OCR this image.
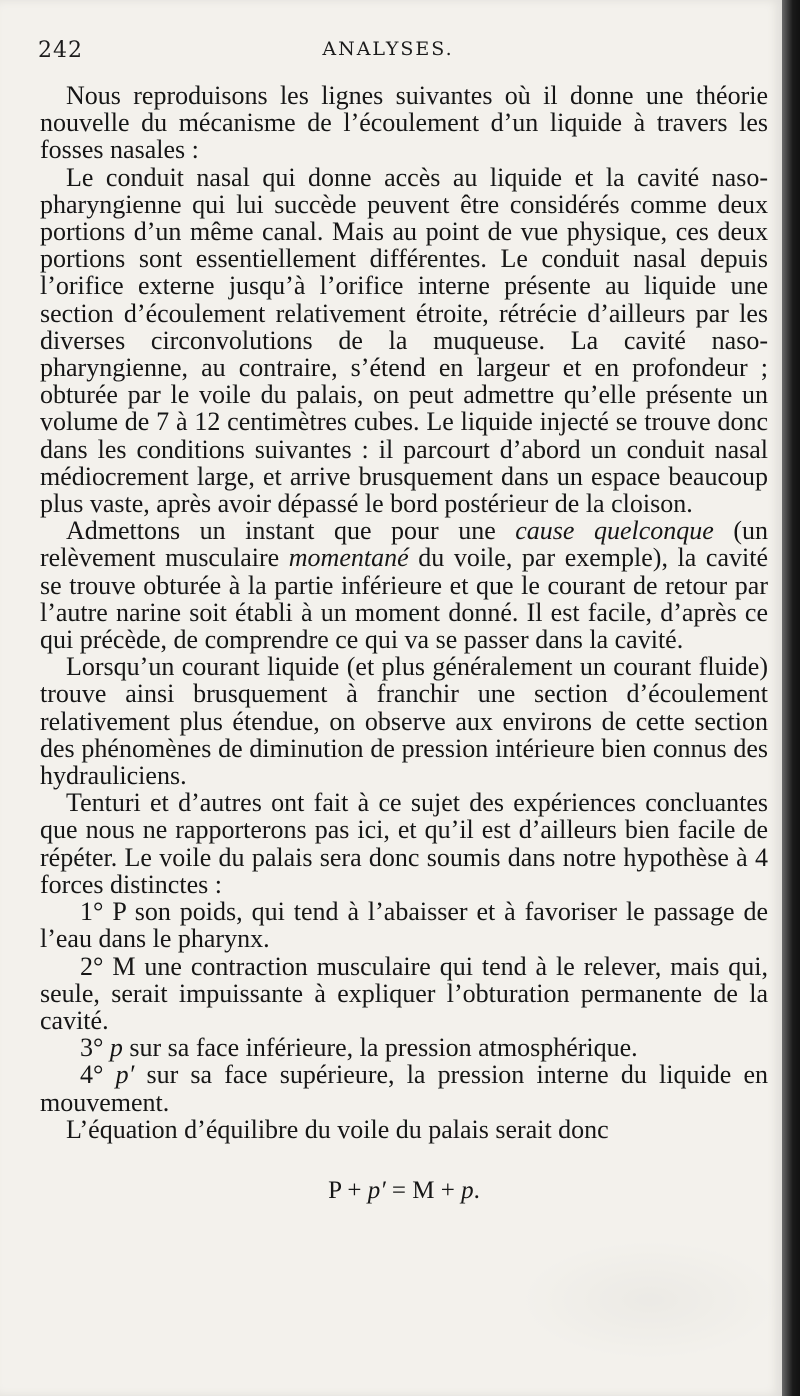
242	ANALYSES.

Nous reproduisons les lignes suivantes où il donne une théorie nouvelle du mécanisme de l’écoulement d’un liquide à travers les fosses nasales :

Le conduit nasal qui donne accès au liquide et la cavité naso-pharyngienne qui lui succède peuvent être considérés comme deux portions d’un même canal. Mais au point de vue physique, ces deux portions sont essentiellement différentes. Le conduit nasal depuis l’orifice externe jusqu’à l’orifice interne présente au liquide une section d’écoulement relativement étroite, rétrécie d’ailleurs par les diverses circonvolutions de la muqueuse. La cavité naso-pharyngienne, au contraire, s’étend en largeur et en profondeur ; obturée par le voile du palais, on peut admettre qu’elle présente un volume de 7 à 12 centimètres cubes. Le liquide injecté se trouve donc dans les conditions suivantes : il parcourt d’abord un conduit nasal médiocrement large, et arrive brusquement dans un espace beaucoup plus vaste, après avoir dépassé le bord postérieur de la cloison.

Admettons un instant que pour une cause quelconque (un relèvement musculaire momentané du voile, par exemple), la cavité se trouve obturée à la partie inférieure et que le courant de retour par l’autre narine soit établi à un moment donné. Il est facile, d’après ce qui précède, de comprendre ce qui va se passer dans la cavité.

Lorsqu’un courant liquide (et plus généralement un courant fluide) trouve ainsi brusquement à franchir une section d’écoulement relativement plus étendue, on observe aux environs de cette section des phénomènes de diminution de pression intérieure bien connus des hydrauliciens.

Tenturi et d’autres ont fait à ce sujet des expériences concluantes que nous ne rapporterons pas ici, et qu’il est d’ailleurs bien facile de répéter. Le voile du palais sera donc soumis dans notre hypothèse à 4 forces distinctes :

1° P son poids, qui tend à l’abaisser et à favoriser le passage de l’eau dans le pharynx.

2° M une contraction musculaire qui tend à le relever, mais qui, seule, serait impuissante à expliquer l’obturation permanente de la cavité.

3° p sur sa face inférieure, la pression atmosphérique.

4° p′ sur sa face supérieure, la pression interne du liquide en mouvement.

L’équation d’équilibre du voile du palais serait donc

P + p′ = M + p.
